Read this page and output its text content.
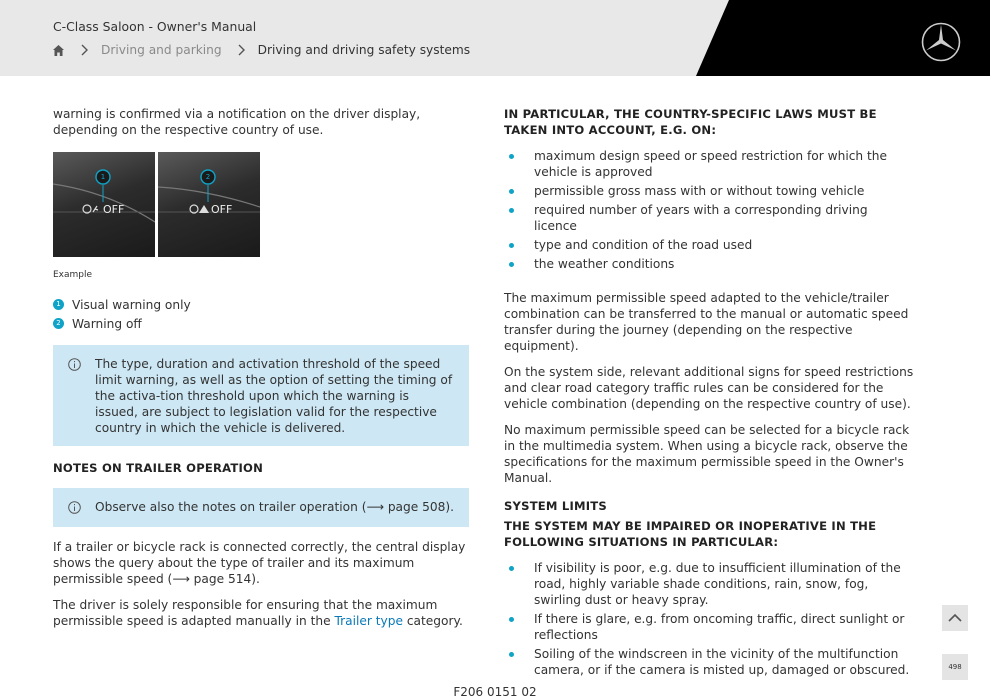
C-Class Saloon - Owner's Manual
Driving and parking	Driving and driving safety systems

warning is confirmed via a notification on the driver display, depending on the respective country of use.

1
OFF
2
OFF
Example
1 Visual warning only
2 Warning off

The type, duration and activation threshold of the speed limit warning, as well as the option of setting the timing of the activa-tion threshold upon which the warning is issued, are subject to legislation valid for the respective country in which the vehicle is delivered.

NOTES ON TRAILER OPERATION

Observe also the notes on trailer operation (⟶ page 508).

If a trailer or bicycle rack is connected correctly, the central display shows the query about the type of trailer and its maximum permissible speed (⟶ page 514).

The driver is solely responsible for ensuring that the maximum permissible speed is adapted manually in the Trailer type category.

IN PARTICULAR, THE COUNTRY-SPECIFIC LAWS MUST BE TAKEN INTO ACCOUNT, E.G. ON:
maximum design speed or speed restriction for which the vehicle is approved
permissible gross mass with or without towing vehicle
required number of years with a corresponding driving licence
type and condition of the road used
the weather conditions

The maximum permissible speed adapted to the vehicle/trailer combination can be transferred to the manual or automatic speed transfer during the journey (depending on the respective equipment).

On the system side, relevant additional signs for speed restrictions and clear road category traffic rules can be considered for the vehicle combination (depending on the respective country of use).

No maximum permissible speed can be selected for a bicycle rack in the multimedia system. When using a bicycle rack, observe the specifications for the maximum permissible speed in the Owner's Manual.

SYSTEM LIMITS
THE SYSTEM MAY BE IMPAIRED OR INOPERATIVE IN THE FOLLOWING SITUATIONS IN PARTICULAR:
If visibility is poor, e.g. due to insufficient illumination of the road, highly variable shade conditions, rain, snow, fog, swirling dust or heavy spray.
If there is glare, e.g. from oncoming traffic, direct sunlight or reflections
Soiling of the windscreen in the vicinity of the multifunction camera, or if the camera is misted up, damaged or obscured.	498
F206 0151 02
